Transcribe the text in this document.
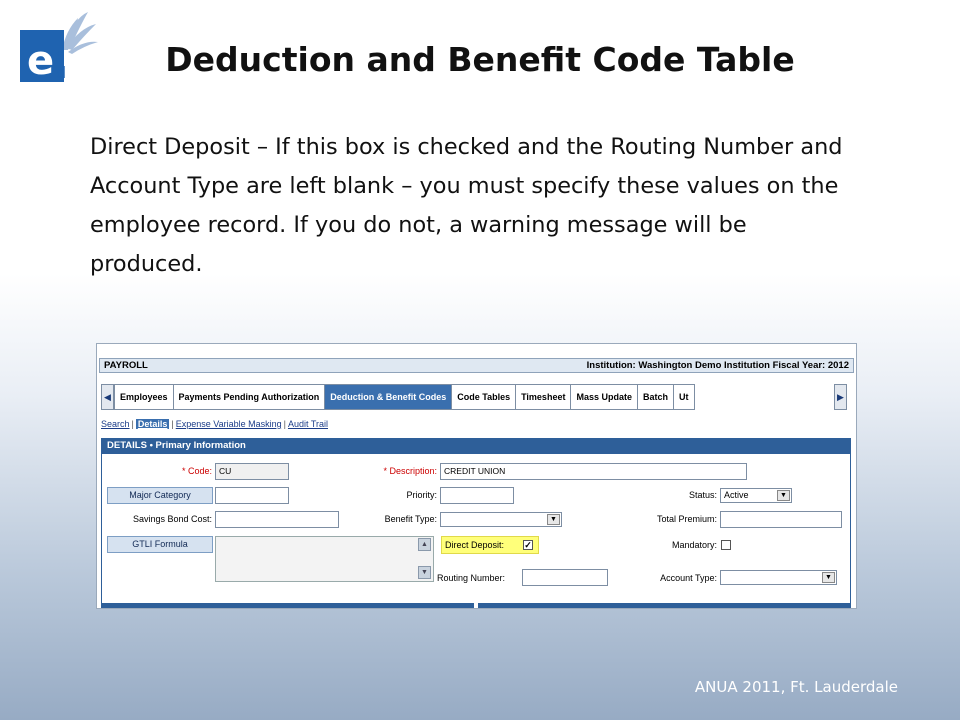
e s
d	Deduction and Benefit Code Table
Direct Deposit – If this box is checked and the Routing Number and Account Type are left blank – you must specify these values on the employee record. If you do not, a warning message will be produced.
PAYROLL	Institution: Washington Demo Institution Fiscal Year: 2012
◀	Employees	Payments Pending Authorization	Deduction & Benefit Codes	Code Tables	Timesheet	Mass Update	Batch	Ut	▶
Search | Details | Expense Variable Masking | Audit Trail
DETAILS • Primary Information
* Code: CU	* Description: CREDIT UNION
Major Category	Priority:	Status: Active	▼
Savings Bond Cost:	Benefit Type:	▼	Total Premium:
GTLI Formula	▲
▼
Direct Deposit: ✓	Mandatory:
Routing Number:	Account Type:	▼
ANUA 2011, Ft. Lauderdale
